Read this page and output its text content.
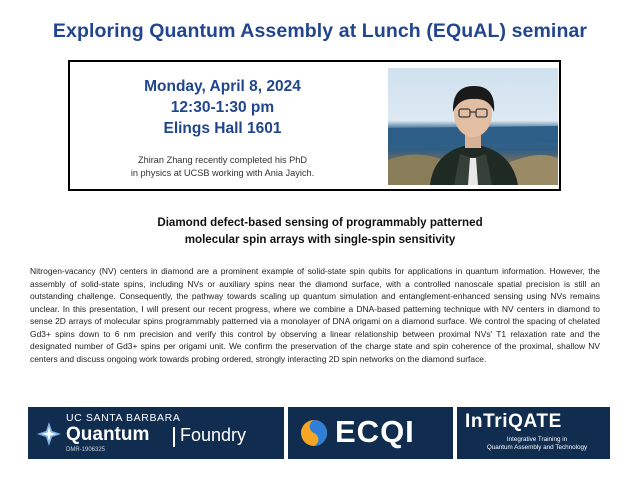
Exploring Quantum Assembly at Lunch (EQuAL) seminar
Monday, April 8, 2024
12:30-1:30 pm
Elings Hall 1601
Zhiran Zhang recently completed his PhD
in physics at UCSB working with Ania Jayich.
Diamond defect-based sensing of programmably patterned
molecular spin arrays with single-spin sensitivity
Nitrogen-vacancy (NV) centers in diamond are a prominent example of solid-state spin qubits for applications in quantum information. However, the assembly of solid-state spins, including NVs or auxiliary spins near the diamond surface, with a controlled nanoscale spatial precision is still an outstanding challenge. Consequently, the pathway towards scaling up quantum simulation and entanglement-enhanced sensing using NVs remains unclear. In this presentation, I will present our recent progress, where we combine a DNA-based patterning technique with NV centers in diamond to sense 2D arrays of molecular spins programmably patterned via a monolayer of DNA origami on a diamond surface. We control the spacing of chelated Gd3+ spins down to 6 nm precision and verify this control by observing a linear relationship between proximal NVs' T1 relaxation rate and the designated number of Gd3+ spins per origami unit. We confirm the preservation of the charge state and spin coherence of the proximal, shallow NV centers and discuss ongoing work towards probing ordered, strongly interacting 2D spin networks on the diamond surface.
UC SANTA BARBARA
Quantum Foundry
DMR-1906325
ECQI	InTriQATE
Integrative Training in
Quantum Assembly and Technology
